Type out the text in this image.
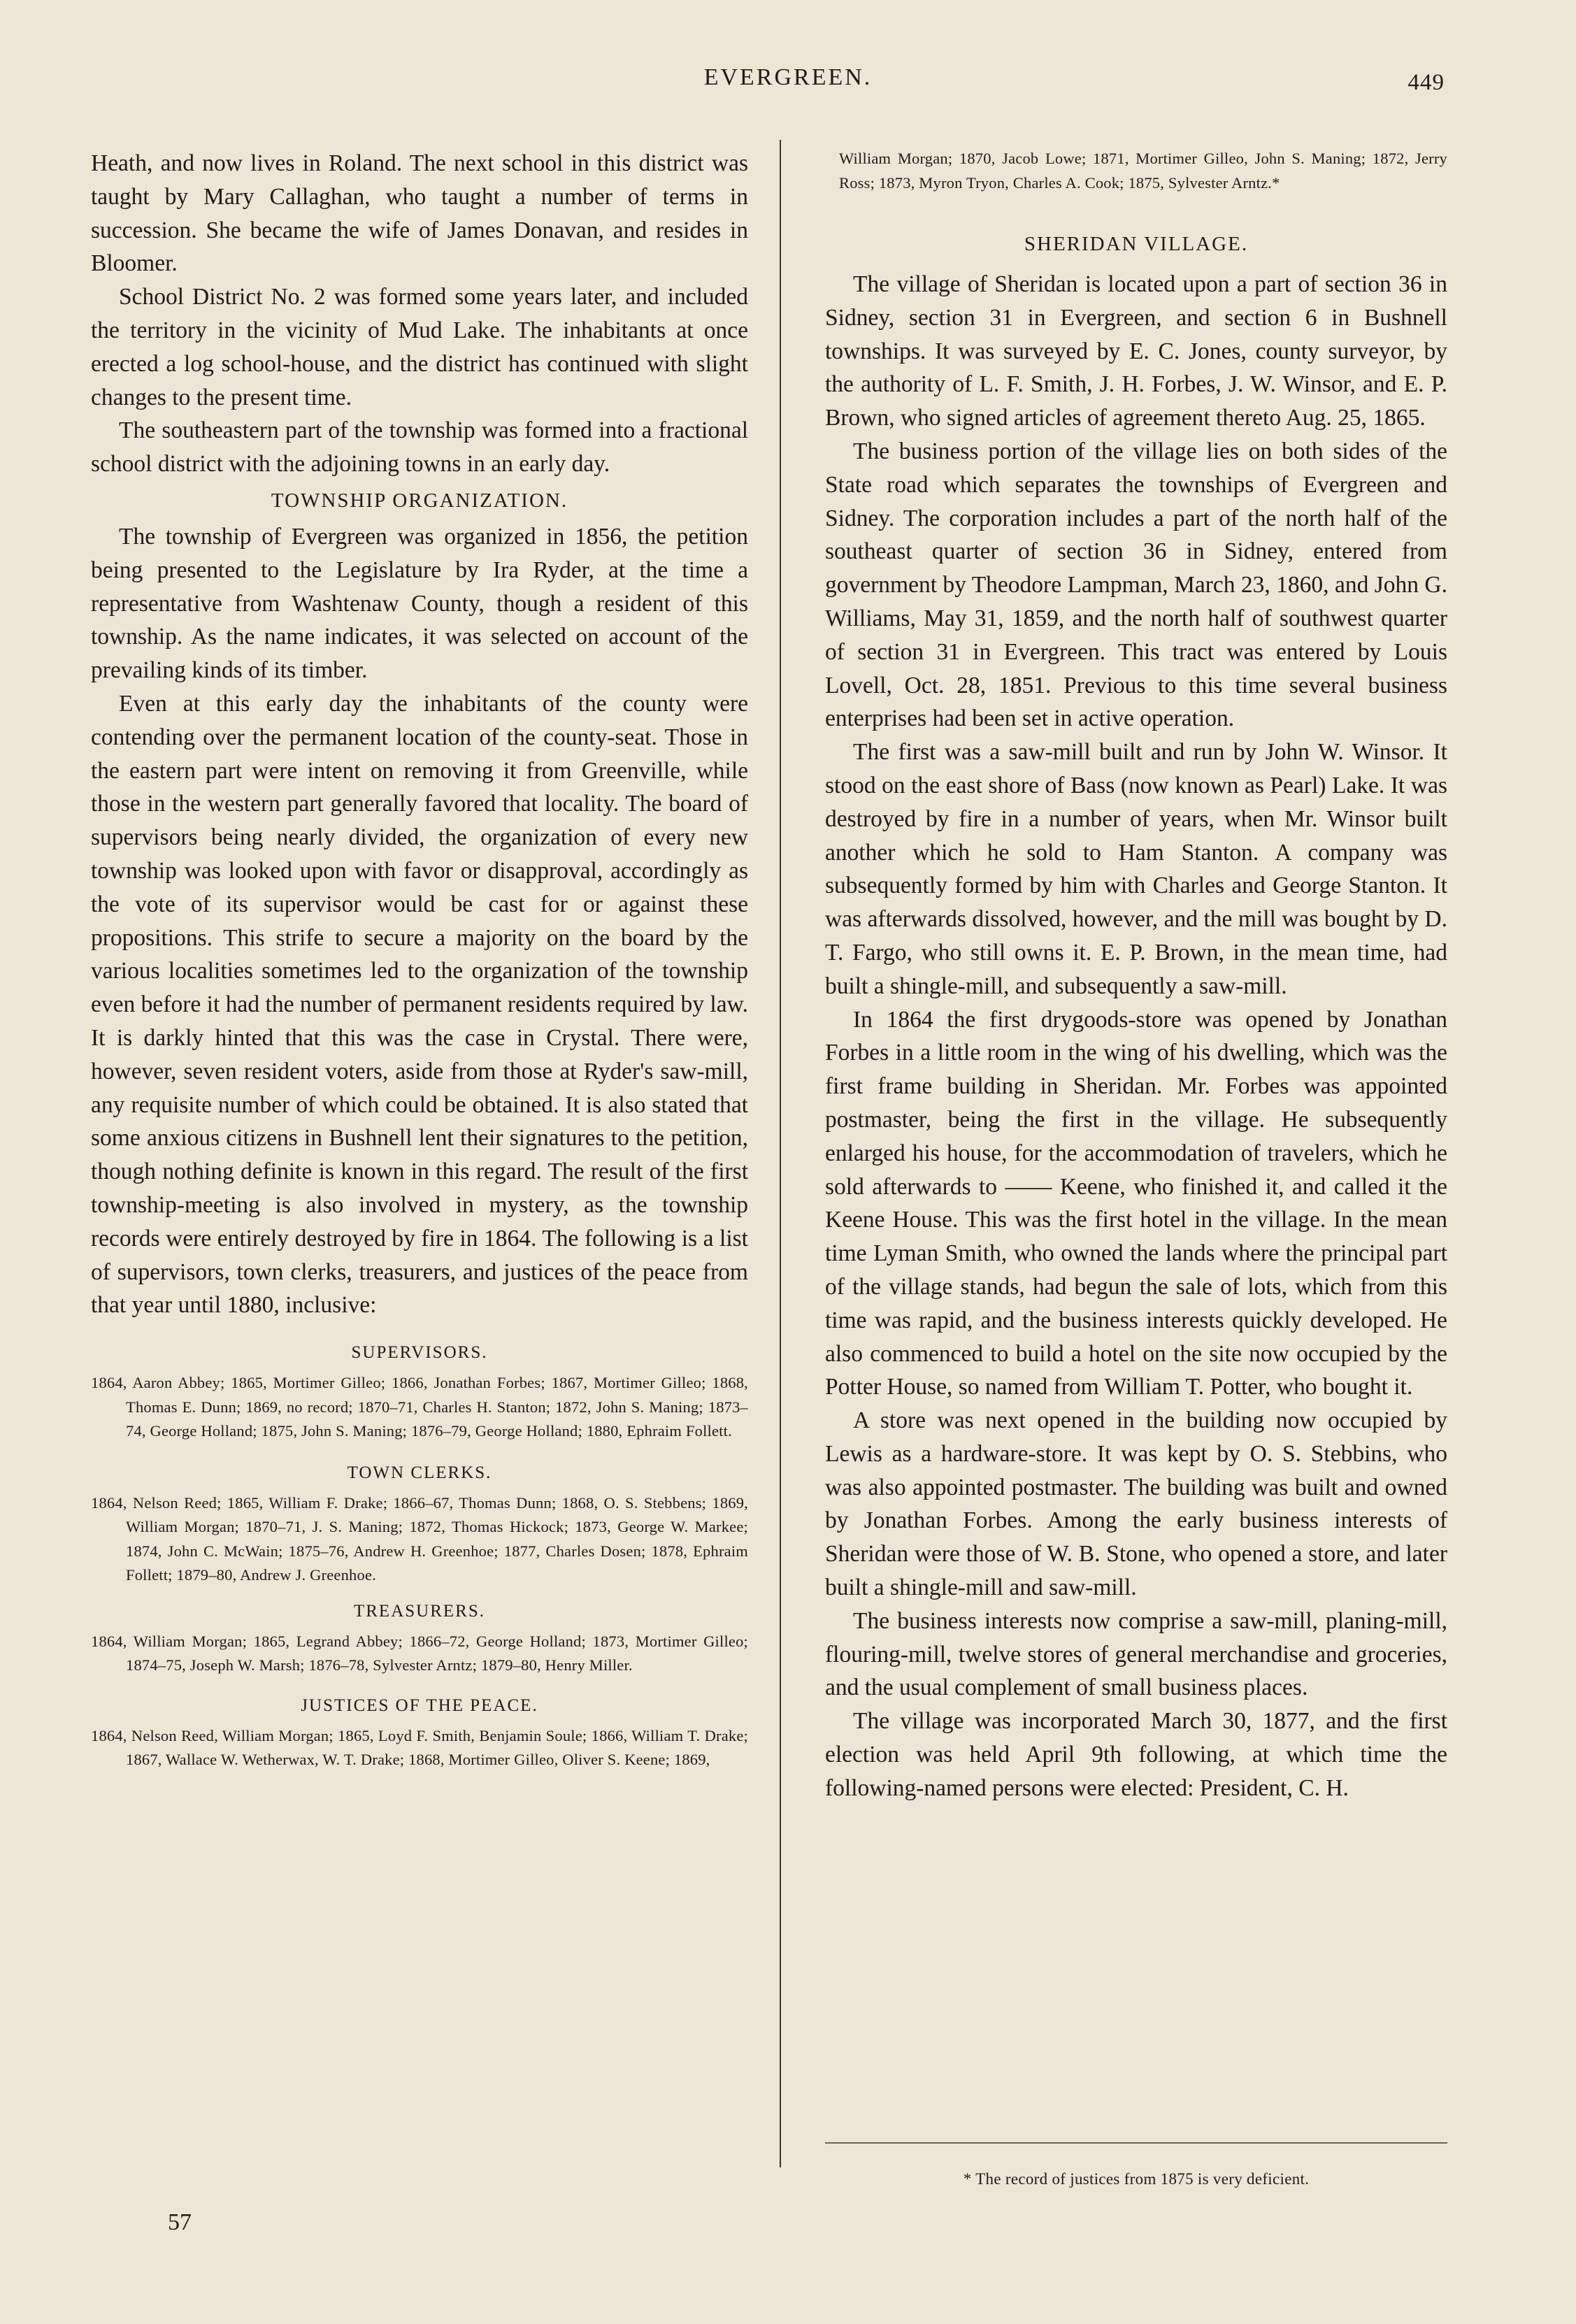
EVERGREEN.	449

Heath, and now lives in Roland. The next school in this district was taught by Mary Callaghan, who taught a number of terms in succession. She became the wife of James Donavan, and resides in Bloomer.

School District No. 2 was formed some years later, and included the territory in the vicinity of Mud Lake. The inhabitants at once erected a log school-house, and the district has continued with slight changes to the present time.

The southeastern part of the township was formed into a fractional school district with the adjoining towns in an early day.

TOWNSHIP ORGANIZATION.

The township of Evergreen was organized in 1856, the petition being presented to the Legislature by Ira Ryder, at the time a representative from Washtenaw County, though a resident of this township. As the name indicates, it was selected on account of the prevailing kinds of its timber.

Even at this early day the inhabitants of the county were contending over the permanent location of the county-seat. Those in the eastern part were intent on removing it from Greenville, while those in the western part generally favored that locality. The board of supervisors being nearly divided, the organization of every new township was looked upon with favor or disapproval, accordingly as the vote of its supervisor would be cast for or against these propositions. This strife to secure a majority on the board by the various localities sometimes led to the organization of the township even before it had the number of permanent residents required by law. It is darkly hinted that this was the case in Crystal. There were, however, seven resident voters, aside from those at Ryder's saw-mill, any requisite number of which could be obtained. It is also stated that some anxious citizens in Bushnell lent their signatures to the petition, though nothing definite is known in this regard. The result of the first township-meeting is also involved in mystery, as the township records were entirely destroyed by fire in 1864. The following is a list of supervisors, town clerks, treasurers, and justices of the peace from that year until 1880, inclusive:

SUPERVISORS.

1864, Aaron Abbey; 1865, Mortimer Gilleo; 1866, Jonathan Forbes; 1867, Mortimer Gilleo; 1868, Thomas E. Dunn; 1869, no record; 1870–71, Charles H. Stanton; 1872, John S. Maning; 1873–74, George Holland; 1875, John S. Maning; 1876–79, George Holland; 1880, Ephraim Follett.

TOWN CLERKS.

1864, Nelson Reed; 1865, William F. Drake; 1866–67, Thomas Dunn; 1868, O. S. Stebbens; 1869, William Morgan; 1870–71, J. S. Maning; 1872, Thomas Hickock; 1873, George W. Markee; 1874, John C. McWain; 1875–76, Andrew H. Greenhoe; 1877, Charles Dosen; 1878, Ephraim Follett; 1879–80, Andrew J. Greenhoe.

TREASURERS.

1864, William Morgan; 1865, Legrand Abbey; 1866–72, George Holland; 1873, Mortimer Gilleo; 1874–75, Joseph W. Marsh; 1876–78, Sylvester Arntz; 1879–80, Henry Miller.

JUSTICES OF THE PEACE.

1864, Nelson Reed, William Morgan; 1865, Loyd F. Smith, Benjamin Soule; 1866, William T. Drake; 1867, Wallace W. Wetherwax, W. T. Drake; 1868, Mortimer Gilleo, Oliver S. Keene; 1869,

William Morgan; 1870, Jacob Lowe; 1871, Mortimer Gilleo, John S. Maning; 1872, Jerry Ross; 1873, Myron Tryon, Charles A. Cook; 1875, Sylvester Arntz.*

SHERIDAN VILLAGE.

The village of Sheridan is located upon a part of section 36 in Sidney, section 31 in Evergreen, and section 6 in Bushnell townships. It was surveyed by E. C. Jones, county surveyor, by the authority of L. F. Smith, J. H. Forbes, J. W. Winsor, and E. P. Brown, who signed articles of agreement thereto Aug. 25, 1865.

The business portion of the village lies on both sides of the State road which separates the townships of Evergreen and Sidney. The corporation includes a part of the north half of the southeast quarter of section 36 in Sidney, entered from government by Theodore Lampman, March 23, 1860, and John G. Williams, May 31, 1859, and the north half of southwest quarter of section 31 in Evergreen. This tract was entered by Louis Lovell, Oct. 28, 1851. Previous to this time several business enterprises had been set in active operation.

The first was a saw-mill built and run by John W. Winsor. It stood on the east shore of Bass (now known as Pearl) Lake. It was destroyed by fire in a number of years, when Mr. Winsor built another which he sold to Ham Stanton. A company was subsequently formed by him with Charles and George Stanton. It was afterwards dissolved, however, and the mill was bought by D. T. Fargo, who still owns it. E. P. Brown, in the mean time, had built a shingle-mill, and subsequently a saw-mill.

In 1864 the first drygoods-store was opened by Jonathan Forbes in a little room in the wing of his dwelling, which was the first frame building in Sheridan. Mr. Forbes was appointed postmaster, being the first in the village. He subsequently enlarged his house, for the accommodation of travelers, which he sold afterwards to —— Keene, who finished it, and called it the Keene House. This was the first hotel in the village. In the mean time Lyman Smith, who owned the lands where the principal part of the village stands, had begun the sale of lots, which from this time was rapid, and the business interests quickly developed. He also commenced to build a hotel on the site now occupied by the Potter House, so named from William T. Potter, who bought it.

A store was next opened in the building now occupied by Lewis as a hardware-store. It was kept by O. S. Stebbins, who was also appointed postmaster. The building was built and owned by Jonathan Forbes. Among the early business interests of Sheridan were those of W. B. Stone, who opened a store, and later built a shingle-mill and saw-mill.

The business interests now comprise a saw-mill, planing-mill, flouring-mill, twelve stores of general merchandise and groceries, and the usual complement of small business places.

The village was incorporated March 30, 1877, and the first election was held April 9th following, at which time the following-named persons were elected: President, C. H.

* The record of justices from 1875 is very deficient.
57
